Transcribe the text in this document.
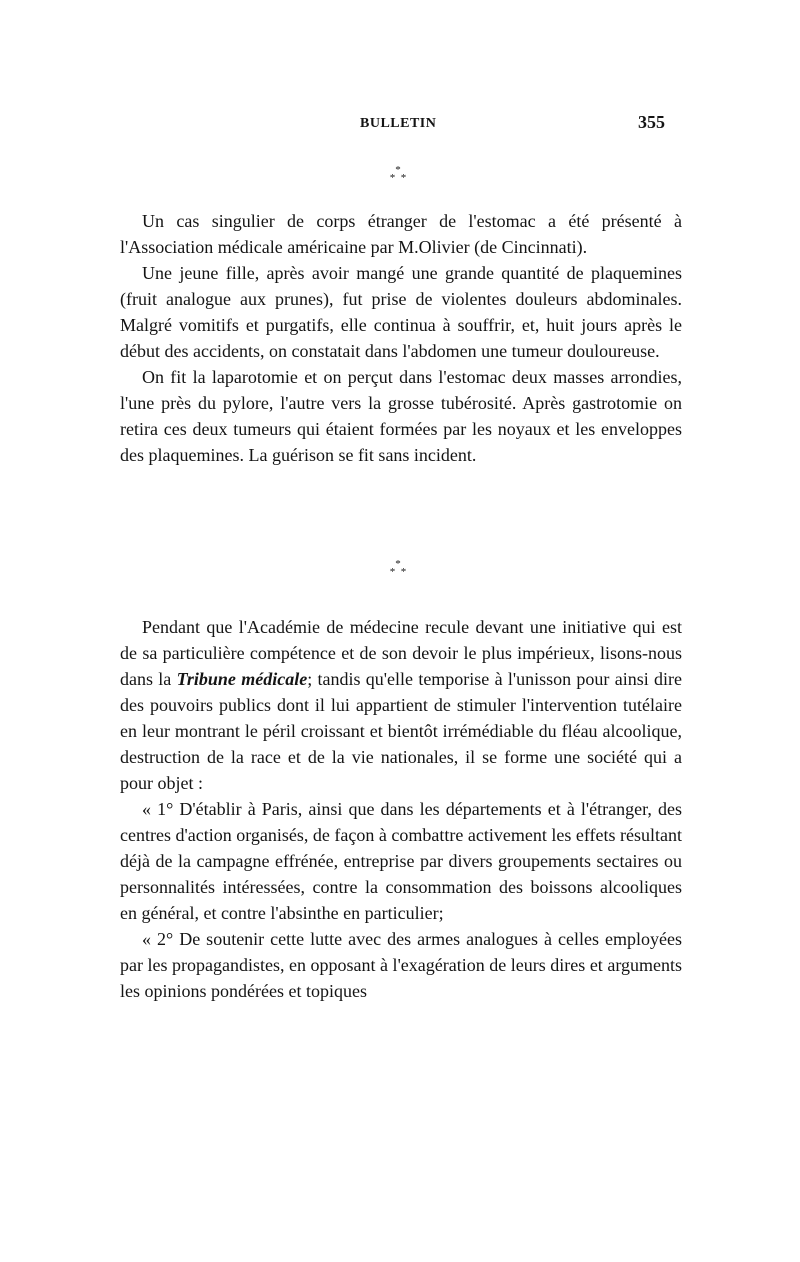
BULLETIN	355
*
* *

Un cas singulier de corps étranger de l'estomac a été présenté à l'Association médicale américaine par M.Olivier (de Cincinnati).

Une jeune fille, après avoir mangé une grande quantité de plaquemines (fruit analogue aux prunes), fut prise de violentes douleurs abdominales. Malgré vomitifs et purgatifs, elle continua à souffrir, et, huit jours après le début des accidents, on constatait dans l'abdomen une tumeur douloureuse.

On fit la laparotomie et on perçut dans l'estomac deux masses arrondies, l'une près du pylore, l'autre vers la grosse tubérosité. Après gastrotomie on retira ces deux tumeurs qui étaient formées par les noyaux et les enveloppes des plaquemines. La guérison se fit sans incident.

*
* *

Pendant que l'Académie de médecine recule devant une initiative qui est de sa particulière compétence et de son devoir le plus impérieux, lisons-nous dans la Tribune médicale; tandis qu'elle temporise à l'unisson pour ainsi dire des pouvoirs publics dont il lui appartient de stimuler l'intervention tutélaire en leur montrant le péril croissant et bientôt irrémédiable du fléau alcoolique, destruction de la race et de la vie nationales, il se forme une société qui a pour objet :

« 1° D'établir à Paris, ainsi que dans les départements et à l'étranger, des centres d'action organisés, de façon à combattre activement les effets résultant déjà de la campagne effrénée, entreprise par divers groupements sectaires ou personnalités intéressées, contre la consommation des boissons alcooliques en général, et contre l'absinthe en particulier;

« 2° De soutenir cette lutte avec des armes analogues à celles employées par les propagandistes, en opposant à l'exagération de leurs dires et arguments les opinions pondérées et topiques
